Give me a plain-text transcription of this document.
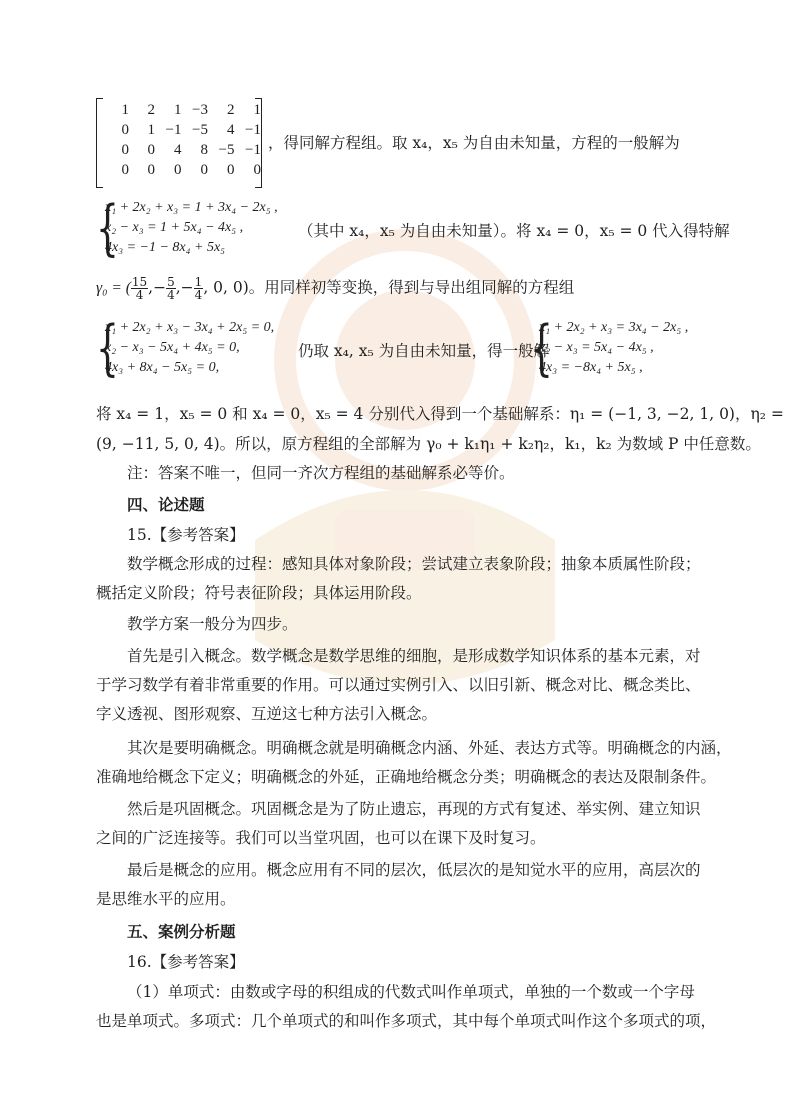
1	2	1	−3	2	1
0	1	−1	−5	4	−1
0	0	4	8	−5	−1
0	0	0	0	0	0
，得同解方程组。取 x₄，x₅ 为自由未知量，方程的一般解为
{
x₁ + 2x₂ + x₃ = 1 + 3x₄ − 2x₅ ,
x₂ − x₃ = 1 + 5x₄ − 4x₅ ,
4x₃ = −1 − 8x₄ + 5x₅
（其中 x₄，x₅ 为自由未知量）。将 x₄ = 0，x₅ = 0 代入得特解
γ₀ = ( $\frac{15}{4}$ ,− $\frac{5}{4}$ ,− $\frac{1}{4}$ , 0, 0)。用同样初等变换，得到与导出组同解的方程组
{
x₁ + 2x₂ + x₃ − 3x₄ + 2x₅ = 0,
x₂ − x₃ − 5x₄ + 4x₅ = 0,
4x₃ + 8x₄ − 5x₅ = 0,
仍取 x₄, x₅ 为自由未知量，得一般解
{
x₁ + 2x₂ + x₃ = 3x₄ − 2x₅ ,
x₂ − x₃ = 5x₄ − 4x₅ ,
4x₃ = −8x₄ + 5x₅ ,
将 x₄ = 1，x₅ = 0 和 x₄ = 0，x₅ = 4 分别代入得到一个基础解系：η₁ = (−1, 3, −2, 1, 0)，η₂ =
(9, −11, 5, 0, 4)。所以，原方程组的全部解为 γ₀ + k₁η₁ + k₂η₂，k₁，k₂ 为数域 P 中任意数。
注：答案不唯一，但同一齐次方程组的基础解系必等价。
四、论述题
15.【参考答案】
数学概念形成的过程：感知具体对象阶段；尝试建立表象阶段；抽象本质属性阶段；
概括定义阶段；符号表征阶段；具体运用阶段。
教学方案一般分为四步。
首先是引入概念。数学概念是数学思维的细胞，是形成数学知识体系的基本元素，对
于学习数学有着非常重要的作用。可以通过实例引入、以旧引新、概念对比、概念类比、
字义透视、图形观察、互逆这七种方法引入概念。
其次是要明确概念。明确概念就是明确概念内涵、外延、表达方式等。明确概念的内涵，
准确地给概念下定义；明确概念的外延，正确地给概念分类；明确概念的表达及限制条件。
然后是巩固概念。巩固概念是为了防止遗忘，再现的方式有复述、举实例、建立知识
之间的广泛连接等。我们可以当堂巩固，也可以在课下及时复习。
最后是概念的应用。概念应用有不同的层次，低层次的是知觉水平的应用，高层次的
是思维水平的应用。
五、案例分析题
16.【参考答案】
（1）单项式：由数或字母的积组成的代数式叫作单项式，单独的一个数或一个字母
也是单项式。多项式：几个单项式的和叫作多项式，其中每个单项式叫作这个多项式的项，
